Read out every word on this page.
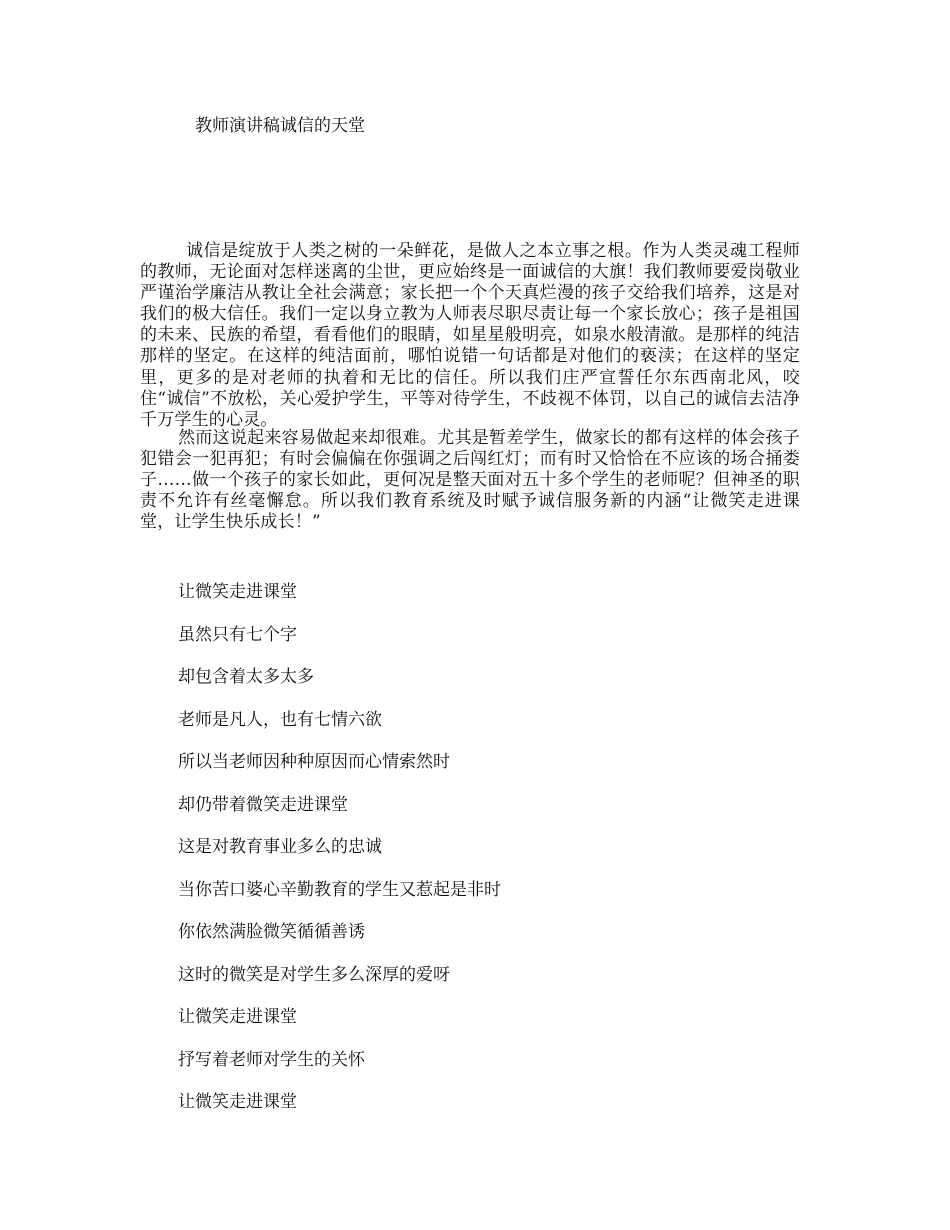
教师演讲稿诚信的天堂

诚信是绽放于人类之树的一朵鲜花，是做人之本立事之根。作为人类灵魂工程师的教师，无论面对怎样迷离的尘世，更应始终是一面诚信的大旗！我们教师要爱岗敬业严谨治学廉洁从教让全社会满意；家长把一个个天真烂漫的孩子交给我们培养，这是对我们的极大信任。我们一定以身立教为人师表尽职尽责让每一个家长放心；孩子是祖国的未来、民族的希望，看看他们的眼睛，如星星般明亮，如泉水般清澈。是那样的纯洁那样的坚定。在这样的纯洁面前，哪怕说错一句话都是对他们的亵渎；在这样的坚定里，更多的是对老师的执着和无比的信任。所以我们庄严宣誓任尔东西南北风，咬住“诚信”不放松，关心爱护学生，平等对待学生，不歧视不体罚，以自己的诚信去洁净千万学生的心灵。

然而这说起来容易做起来却很难。尤其是暂差学生，做家长的都有这样的体会孩子犯错会一犯再犯；有时会偏偏在你强调之后闯红灯；而有时又恰恰在不应该的场合捅娄子……做一个孩子的家长如此，更何况是整天面对五十多个学生的老师呢？但神圣的职责不允许有丝毫懈怠。所以我们教育系统及时赋予诚信服务新的内涵“让微笑走进课堂，让学生快乐成长！”

让微笑走进课堂
虽然只有七个字
却包含着太多太多
老师是凡人，也有七情六欲
所以当老师因种种原因而心情索然时
却仍带着微笑走进课堂
这是对教育事业多么的忠诚
当你苦口婆心辛勤教育的学生又惹起是非时
你依然满脸微笑循循善诱
这时的微笑是对学生多么深厚的爱呀
让微笑走进课堂
抒写着老师对学生的关怀
让微笑走进课堂
